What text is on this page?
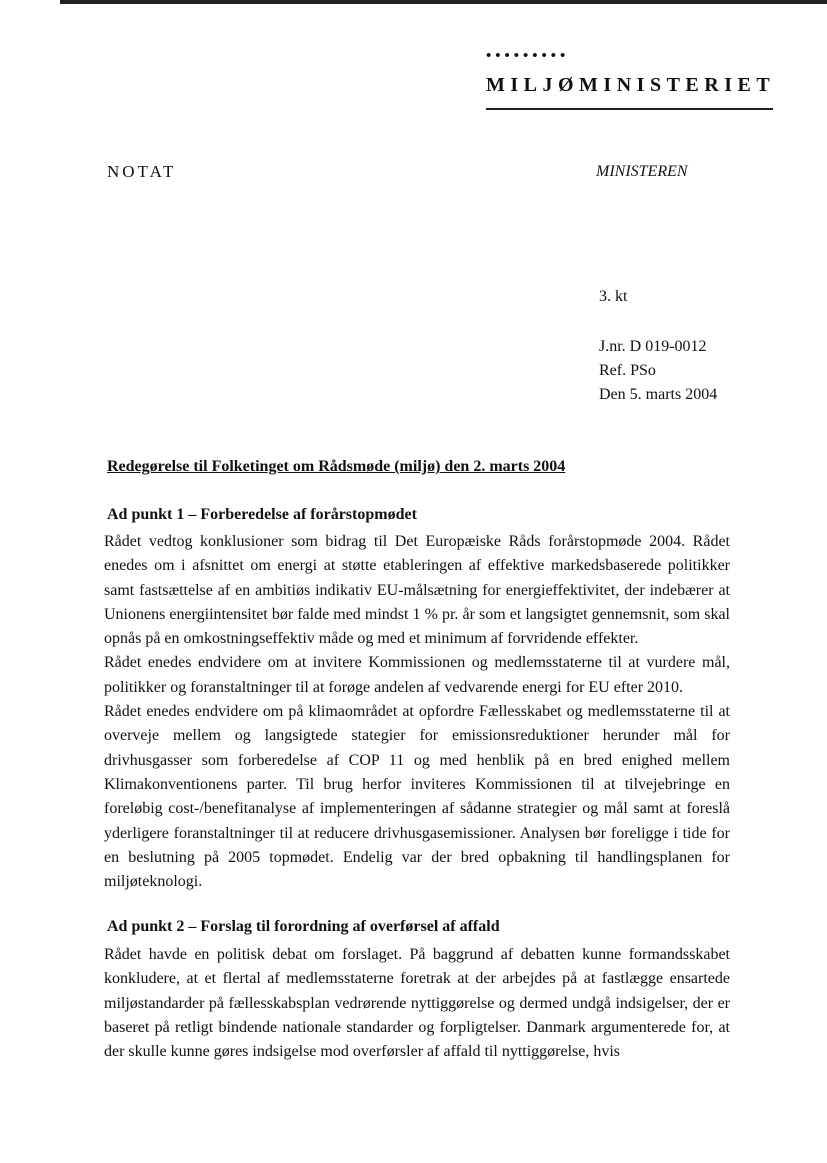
•••••••••
MILJØMINISTERIET
NOTAT	MINISTEREN
3. kt
J.nr. D 019-0012
Ref. PSo
Den 5. marts 2004
Redegørelse til Folketinget om Rådsmøde (miljø) den 2. marts 2004
Ad punkt 1 – Forberedelse af forårstopmødet

Rådet vedtog konklusioner som bidrag til Det Europæiske Råds forårstopmøde 2004. Rådet enedes om i afsnittet om energi at støtte etableringen af effektive markedsbaserede politikker samt fastsættelse af en ambitiøs indikativ EU-målsætning for energieffektivitet, der indebærer at Unionens energiintensitet bør falde med mindst 1 % pr. år som et langsigtet gennemsnit, som skal opnås på en omkostningseffektiv måde og med et minimum af forvridende effekter.

Rådet enedes endvidere om at invitere Kommissionen og medlemsstaterne til at vurdere mål, politikker og foranstaltninger til at forøge andelen af vedvarende energi for EU efter 2010.

Rådet enedes endvidere om på klimaområdet at opfordre Fællesskabet og medlemsstaterne til at overveje mellem og langsigtede stategier for emissionsreduktioner herunder mål for drivhusgasser som forberedelse af COP 11 og med henblik på en bred enighed mellem Klimakonventionens parter. Til brug herfor inviteres Kommissionen til at tilvejebringe en foreløbig cost-/benefitanalyse af implementeringen af sådanne strategier og mål samt at foreslå yderligere foranstaltninger til at reducere drivhusgasemissioner. Analysen bør foreligge i tide for en beslutning på 2005 topmødet. Endelig var der bred opbakning til handlingsplanen for miljøteknologi.

Ad punkt 2 – Forslag til forordning af overførsel af affald

Rådet havde en politisk debat om forslaget. På baggrund af debatten kunne formandsskabet konkludere, at et flertal af medlemsstaterne foretrak at der arbejdes på at fastlægge ensartede miljøstandarder på fællesskabsplan vedrørende nyttiggørelse og dermed undgå indsigelser, der er baseret på retligt bindende nationale standarder og forpligtelser. Danmark argumenterede for, at der skulle kunne gøres indsigelse mod overførsler af affald til nyttiggørelse, hvis
